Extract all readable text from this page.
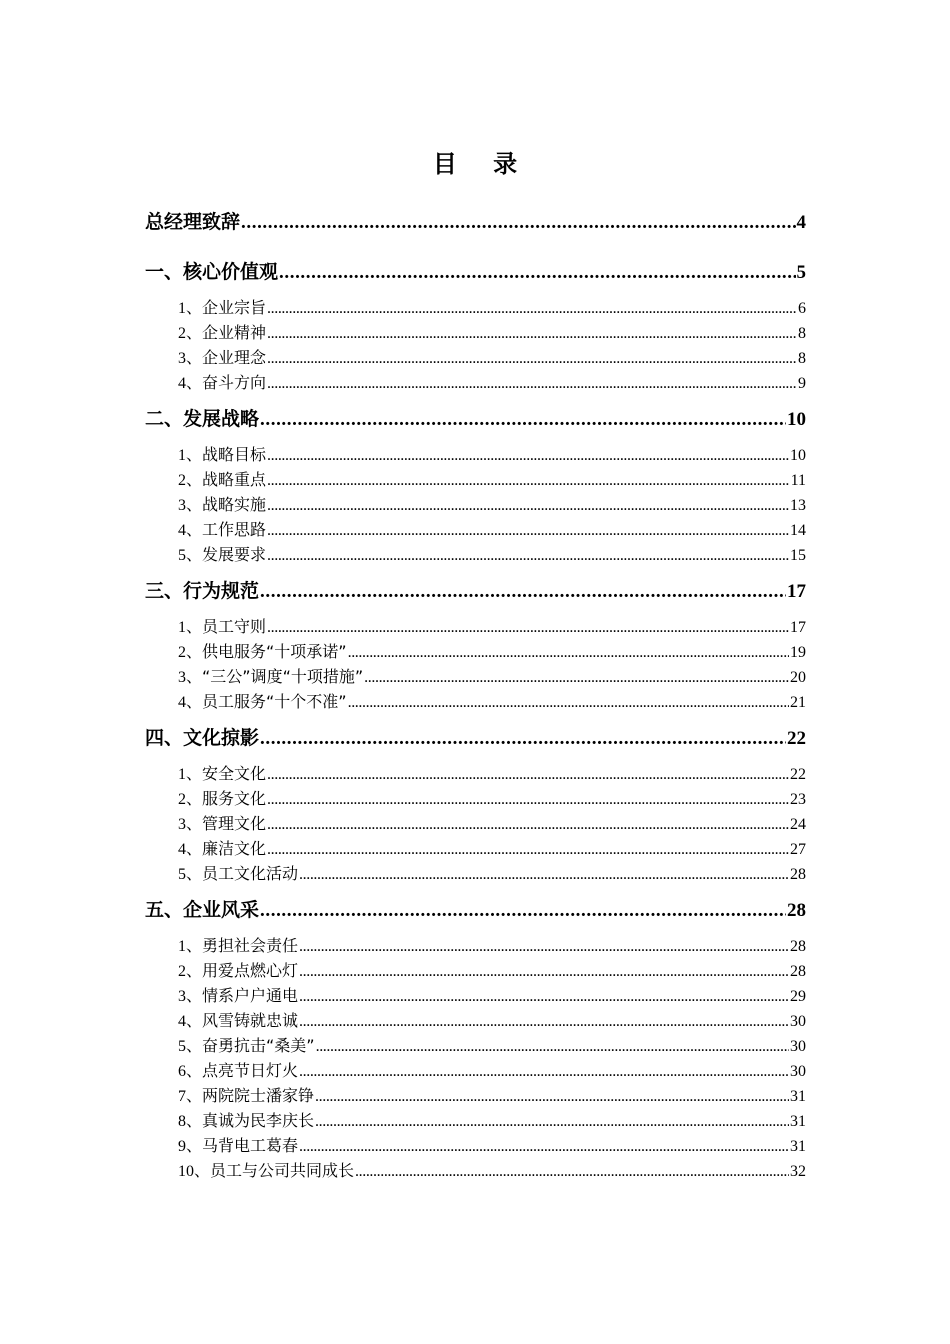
目 录
总经理致辞 .....	4
一、核心价值观 .....	5
1 、企业宗旨 .....	6
2 、企业精神 .....	8
3 、企业理念 .....	8
4 、奋斗方向 .....	9
二、发展战略 .....	10
1 、战略目标 .....	10
2 、战略重点 .....	11
3 、战略实施 .....	13
4 、工作思路 .....	14
5 、发展要求 .....	15
三、行为规范 .....	17
1 、员工守则 .....	17
2 、供电服务“十项承诺” .....	19
3 、“三公”调度“十项措施” .....	20
4 、员工服务“十个不准” .....	21
四、文化掠影 .....	22
1 、安全文化 .....	22
2 、服务文化 .....	23
3 、管理文化 .....	24
4 、廉洁文化 .....	27
5 、员工文化活动 .....	28
五、企业风采 .....	28
1 、勇担社会责任 .....	28
2 、用爱点燃心灯 .....	28
3 、情系户户通电 .....	29
4 、风雪铸就忠诚 .....	30
5 、奋勇抗击“桑美” .....	30
6 、点亮节日灯火 .....	30
7 、两院院士潘家铮 .....	31
8 、真诚为民李庆长 .....	31
9 、马背电工葛春 .....	31
10 、员工与公司共同成长 .....	32
